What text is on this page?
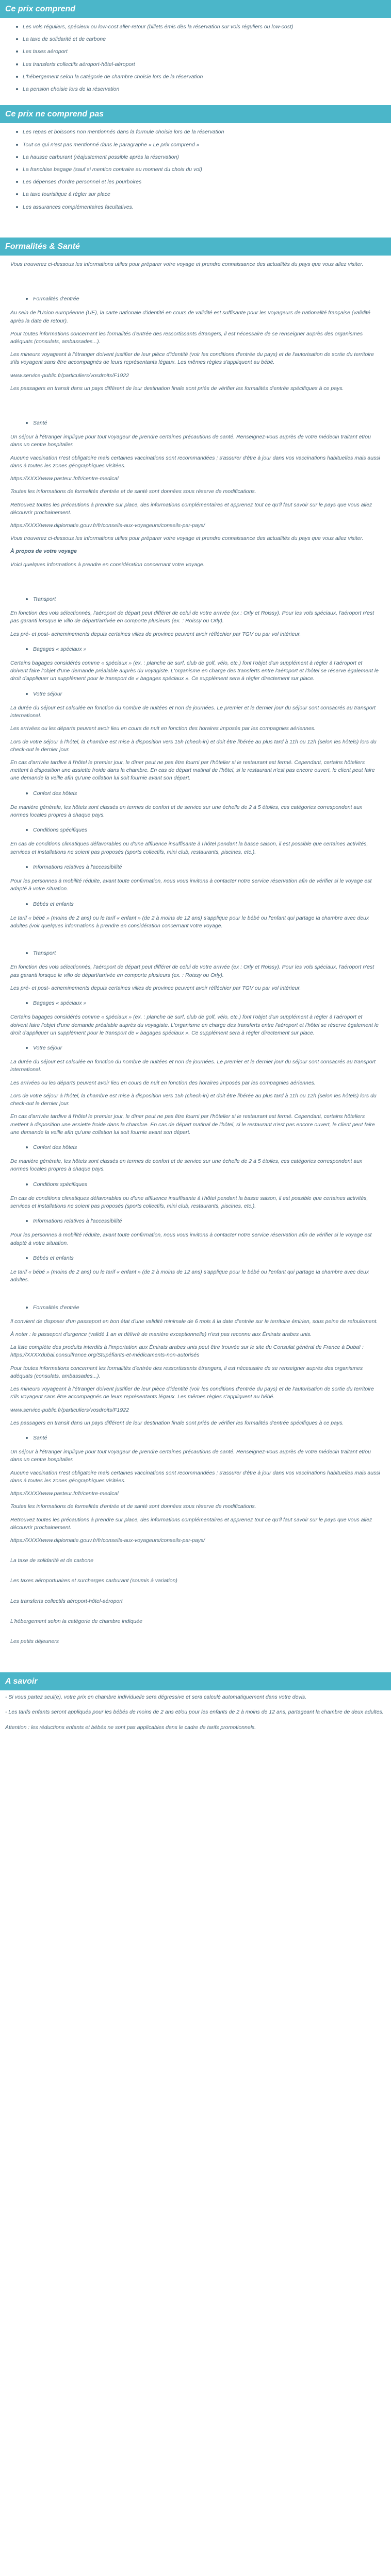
Ce prix comprend
Les vols réguliers, spécieux ou low-cost aller-retour (billets émis dès la réservation sur vols réguliers ou low-cost)
La taxe de solidarité et de carbone
Les taxes aéroport
Les transferts collectifs aéroport-hôtel-aéroport
L'hébergement selon la catégorie de chambre choisie lors de la réservation
La pension choisie lors de la réservation
Ce prix ne comprend pas
Les repas et boissons non mentionnés dans la formule choisie lors de la réservation
Tout ce qui n'est pas mentionné dans le paragraphe « Le prix comprend »
La hausse carburant (réajustement possible après la réservation)
La franchise bagage (sauf si mention contraire au moment du choix du vol)
Les dépenses d'ordre personnel et les pourboires
La taxe touristique à régler sur place
Les assurances complémentaires facultatives.
Formalités & Santé

Vous trouverez ci-dessous les informations utiles pour préparer votre voyage et prendre connaissance des actualités du pays que vous allez visiter.

Formalités d'entrée

Au sein de l'Union européenne (UE), la carte nationale d'identité en cours de validité est suffisante pour les voyageurs de nationalité française (validité après la date de retour).

Pour toutes informations concernant les formalités d'entrée des ressortissants étrangers, il est nécessaire de se renseigner auprès des organismes adéquats (consulats, ambassades...).

Les mineurs voyageant à l'étranger doivent justifier de leur pièce d'identité (voir les conditions d'entrée du pays) et de l'autorisation de sortie du territoire s'ils voyagent sans être accompagnés de leurs représentants légaux. Les mêmes règles s'appliquent au bébé.

www.service-public.fr/particuliers/vosdroits/F1922

Les passagers en transit dans un pays différent de leur destination finale sont priés de vérifier les formalités d'entrée spécifiques à ce pays.

Santé

Un séjour à l'étranger implique pour tout voyageur de prendre certaines précautions de santé. Renseignez-vous auprès de votre médecin traitant et/ou dans un centre hospitalier.

Aucune vaccination n'est obligatoire mais certaines vaccinations sont recommandées ; s'assurer d'être à jour dans vos vaccinations habituelles mais aussi dans à toutes les zones géographiques visitées.

https://XXXXwww.pasteur.fr/fr/centre-medical

Toutes les informations de formalités d'entrée et de santé sont données sous réserve de modifications.

Retrouvez toutes les précautions à prendre sur place, des informations complémentaires et apprenez tout ce qu'il faut savoir sur le pays que vous allez découvrir prochainement.

https://XXXXwww.diplomatie.gouv.fr/fr/conseils-aux-voyageurs/conseils-par-pays/

Vous trouverez ci-dessous les informations utiles pour préparer votre voyage et prendre connaissance des actualités du pays que vous allez visiter.

À propos de votre voyage

Voici quelques informations à prendre en considération concernant votre voyage.

Transport

En fonction des vols sélectionnés, l'aéroport de départ peut différer de celui de votre arrivée (ex : Orly et Roissy). Pour les vols spéciaux, l'aéroport n'est pas garanti lorsque le villo de départ/arrivée en comporte plusieurs (ex. : Roissy ou Orly).

Les pré- et post- acheminements depuis certaines villes de province peuvent avoir réfléchier par TGV ou par vol intérieur.

Bagages « spéciaux »

Certains bagages considérés comme « spéciaux » (ex. : planche de surf, club de golf, vélo, etc.) font l'objet d'un supplément à régler à l'aéroport et doivent faire l'objet d'une demande préalable auprès du voyagiste. L'organisme en charge des transferts entre l'aéroport et l'hôtel se réserve également le droit d'appliquer un supplément pour le transport de « bagages spéciaux ». Ce supplément sera à régler directement sur place.

Votre séjour

La durée du séjour est calculée en fonction du nombre de nuitées et non de journées. Le premier et le dernier jour du séjour sont consacrés au transport international.

Les arrivées ou les départs peuvent avoir lieu en cours de nuit en fonction des horaires imposés par les compagnies aériennes.

Lors de votre séjour à l'hôtel, la chambre est mise à disposition vers 15h (check-in) et doit être libérée au plus tard à 11h ou 12h (selon les hôtels) lors du check-out le dernier jour.

En cas d'arrivée tardive à l'hôtel le premier jour, le dîner peut ne pas être fourni par l'hôtelier si le restaurant est fermé. Cependant, certains hôteliers mettent à disposition une assiette froide dans la chambre. En cas de départ matinal de l'hôtel, si le restaurant n'est pas encore ouvert, le client peut faire une demande la veille afin qu'une collation lui soit fournie avant son départ.

Confort des hôtels

De manière générale, les hôtels sont classés en termes de confort et de service sur une échelle de 2 à 5 étoiles, ces catégories correspondent aux normes locales propres à chaque pays.

Conditions spécifiques

En cas de conditions climatiques défavorables ou d'une affluence insuffisante à l'hôtel pendant la basse saison, il est possible que certaines activités, services et installations ne soient pas proposés (sports collectifs, mini club, restaurants, piscines, etc.).

Informations relatives à l'accessibilité

Pour les personnes à mobilité réduite, avant toute confirmation, nous vous invitons à contacter notre service réservation afin de vérifier si le voyage est adapté à votre situation.

Bébés et enfants

Le tarif « bébé » (moins de 2 ans) ou le tarif « enfant » (de 2 à moins de 12 ans) s'applique pour le bébé ou l'enfant qui partage la chambre avec deux adultes (voir quelques informations à prendre en considération concernant votre voyage.

Transport

En fonction des vols sélectionnés, l'aéroport de départ peut différer de celui de votre arrivée (ex : Orly et Roissy). Pour les vols spéciaux, l'aéroport n'est pas garanti lorsque le villo de départ/arrivée en comporte plusieurs (ex. : Roissy ou Orly).

Les pré- et post- acheminements depuis certaines villes de province peuvent avoir réfléchier par TGV ou par vol intérieur.

Bagages « spéciaux »

Certains bagages considérés comme « spéciaux » (ex. : planche de surf, club de golf, vélo, etc.) font l'objet d'un supplément à régler à l'aéroport et doivent faire l'objet d'une demande préalable auprès du voyagiste. L'organisme en charge des transferts entre l'aéroport et l'hôtel se réserve également le droit d'appliquer un supplément pour le transport de « bagages spéciaux ». Ce supplément sera à régler directement sur place.

Votre séjour

La durée du séjour est calculée en fonction du nombre de nuitées et non de journées. Le premier et le dernier jour du séjour sont consacrés au transport international.

Les arrivées ou les départs peuvent avoir lieu en cours de nuit en fonction des horaires imposés par les compagnies aériennes.

Lors de votre séjour à l'hôtel, la chambre est mise à disposition vers 15h (check-in) et doit être libérée au plus tard à 11h ou 12h (selon les hôtels) lors du check-out le dernier jour.

En cas d'arrivée tardive à l'hôtel le premier jour, le dîner peut ne pas être fourni par l'hôtelier si le restaurant est fermé. Cependant, certains hôteliers mettent à disposition une assiette froide dans la chambre. En cas de départ matinal de l'hôtel, si le restaurant n'est pas encore ouvert, le client peut faire une demande la veille afin qu'une collation lui soit fournie avant son départ.

Confort des hôtels

De manière générale, les hôtels sont classés en termes de confort et de service sur une échelle de 2 à 5 étoiles, ces catégories correspondent aux normes locales propres à chaque pays.

Conditions spécifiques

En cas de conditions climatiques défavorables ou d'une affluence insuffisante à l'hôtel pendant la basse saison, il est possible que certaines activités, services et installations ne soient pas proposés (sports collectifs, mini club, restaurants, piscines, etc.).

Informations relatives à l'accessibilité

Pour les personnes à mobilité réduite, avant toute confirmation, nous vous invitons à contacter notre service réservation afin de vérifier si le voyage est adapté à votre situation.

Bébés et enfants

Le tarif « bébé » (moins de 2 ans) ou le tarif « enfant » (de 2 à moins de 12 ans) s'applique pour le bébé ou l'enfant qui partage la chambre avec deux adultes.

Formalités d'entrée

Il convient de disposer d'un passeport en bon état d'une validité minimale de 6 mois à la date d'entrée sur le territoire émirien, sous peine de refoulement.

À noter : le passeport d'urgence (validé 1 an et délivré de manière exceptionnelle) n'est pas reconnu aux Émirats arabes unis.

La liste complète des produits interdits à l'importation aux Émirats arabes unis peut être trouvée sur le site du Consulat général de France à Dubaï : https://XXXXdubai.consulfrance.org/Stupéfiants-et-médicaments-non-autorisés

Pour toutes informations concernant les formalités d'entrée des ressortissants étrangers, il est nécessaire de se renseigner auprès des organismes adéquats (consulats, ambassades...).

Les mineurs voyageant à l'étranger doivent justifier de leur pièce d'identité (voir les conditions d'entrée du pays) et de l'autorisation de sortie du territoire s'ils voyagent sans être accompagnés de leurs représentants légaux. Les mêmes règles s'appliquent au bébé.

www.service-public.fr/particuliers/vosdroits/F1922

Les passagers en transit dans un pays différent de leur destination finale sont priés de vérifier les formalités d'entrée spécifiques à ce pays.

Santé

Un séjour à l'étranger implique pour tout voyageur de prendre certaines précautions de santé. Renseignez-vous auprès de votre médecin traitant et/ou dans un centre hospitalier.

Aucune vaccination n'est obligatoire mais certaines vaccinations sont recommandées ; s'assurer d'être à jour dans vos vaccinations habituelles mais aussi dans à toutes les zones géographiques visitées.

https://XXXXwww.pasteur.fr/fr/centre-medical

Toutes les informations de formalités d'entrée et de santé sont données sous réserve de modifications.

Retrouvez toutes les précautions à prendre sur place, des informations complémentaires et apprenez tout ce qu'il faut savoir sur le pays que vous allez découvrir prochainement.

https://XXXXwww.diplomatie.gouv.fr/fr/conseils-aux-voyageurs/conseils-par-pays/

La taxe de solidarité et de carbone

Les taxes aéroportuaires et surcharges carburant (soumis à variation)

Les transferts collectifs aéroport-hôtel-aéroport

L'hébergement selon la catégorie de chambre indiquée

Les petits déjeuners

A savoir

- Si vous partez seul(e), votre prix en chambre individuelle sera dégressive et sera calculé automatiquement dans votre devis.

- Les tarifs enfants seront appliqués pour les bébés de moins de 2 ans et/ou pour les enfants de 2 à moins de 12 ans, partageant la chambre de deux adultes.

Attention : les réductions enfants et bébés ne sont pas applicables dans le cadre de tarifs promotionnels.
